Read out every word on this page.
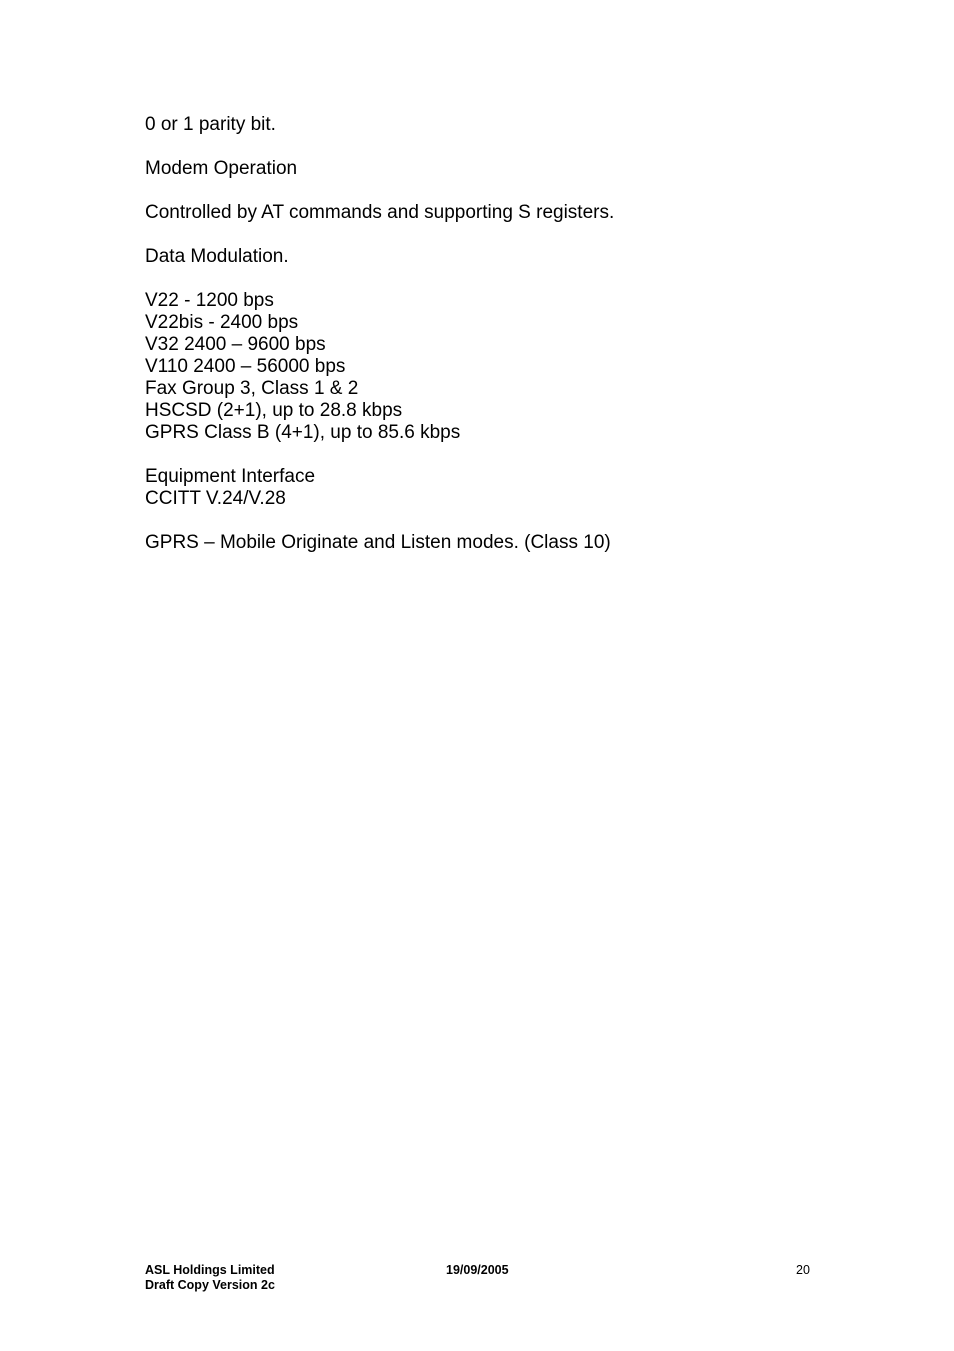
0 or 1 parity bit.

Modem Operation

Controlled by AT commands and supporting S registers.

Data Modulation.

V22 - 1200 bps

V22bis - 2400 bps

V32 2400 – 9600 bps

V110 2400 – 56000 bps

Fax Group 3, Class 1 & 2

HSCSD (2+1), up to 28.8 kbps

GPRS Class B (4+1), up to 85.6 kbps

Equipment Interface

CCITT V.24/V.28

GPRS – Mobile Originate and Listen modes. (Class 10)

ASL Holdings Limited
Draft Copy Version 2c
19/09/2005	20
